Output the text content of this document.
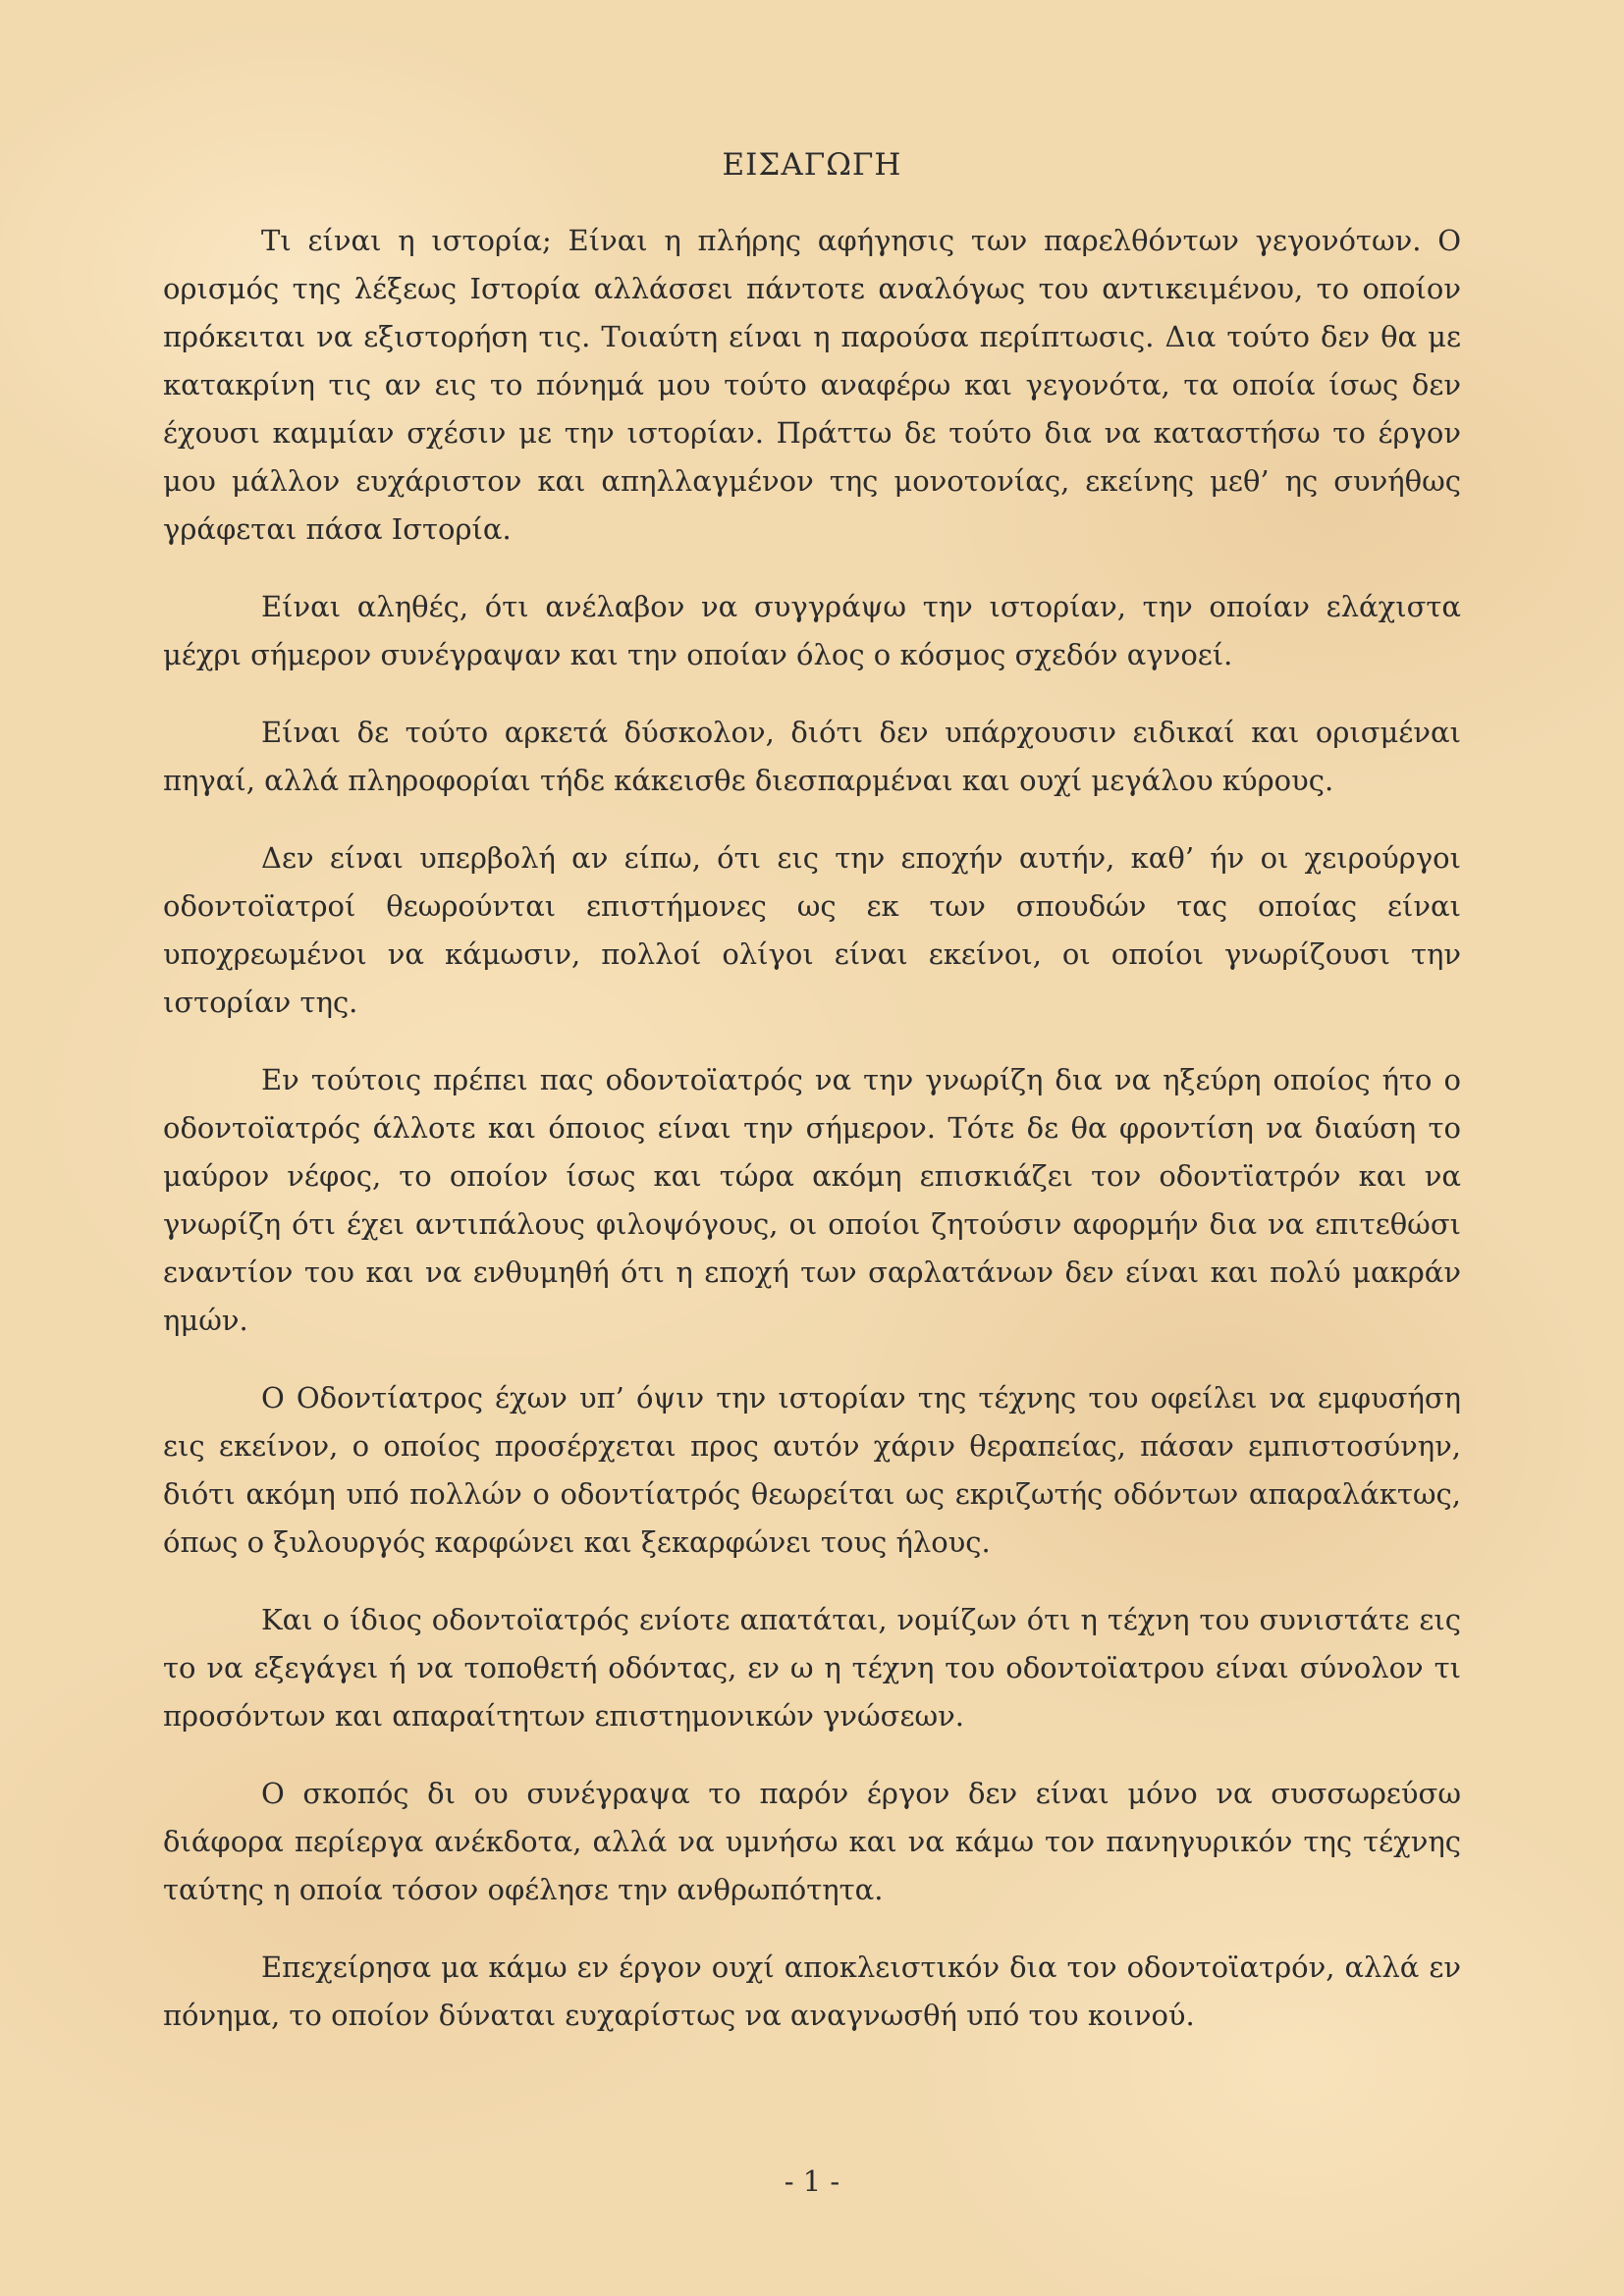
ΕΙΣΑΓΩΓΗ

Τι είναι η ιστορία; Είναι η πλήρης αφήγησις των παρελθόντων γεγονότων. Ο ορισμός της λέξεως Ιστορία αλλάσσει πάντοτε αναλόγως του αντικειμένου, το οποίον πρόκειται να εξιστορήση τις. Τοιαύτη είναι η παρούσα περίπτωσις. Δια τούτο δεν θα με κατακρίνη τις αν εις το πόνημά μου τούτο αναφέρω και γεγονότα, τα οποία ίσως δεν έχουσι καμμίαν σχέσιν με την ιστορίαν. Πράττω δε τούτο δια να καταστήσω το έργον μου μάλλον ευχάριστον και απηλλαγμένον της μονοτονίας, εκείνης μεθ’ ης συνήθως γράφεται πάσα Ιστορία.

Είναι αληθές, ότι ανέλαβον να συγγράψω την ιστορίαν, την οποίαν ελάχιστα μέχρι σήμερον συνέγραψαν και την οποίαν όλος ο κόσμος σχεδόν αγνοεί.

Είναι δε τούτο αρκετά δύσκολον, διότι δεν υπάρχουσιν ειδικαί και ορισμέναι πηγαί, αλλά πληροφορίαι τήδε κάκεισθε διεσπαρμέναι και ουχί μεγάλου κύρους.

Δεν είναι υπερβολή αν είπω, ότι εις την εποχήν αυτήν, καθ’ ήν οι χειρούργοι οδοντοϊατροί θεωρούνται επιστήμονες ως εκ των σπουδών τας οποίας είναι υποχρεωμένοι να κάμωσιν, πολλοί ολίγοι είναι εκείνοι, οι οποίοι γνωρίζουσι την ιστορίαν της.

Εν τούτοις πρέπει πας οδοντοϊατρός να την γνωρίζη δια να ηξεύρη οποίος ήτο ο οδοντοϊατρός άλλοτε και όποιος είναι την σήμερον. Τότε δε θα φροντίση να διαύση το μαύρον νέφος, το οποίον ίσως και τώρα ακόμη επισκιάζει τον οδοντϊατρόν και να γνωρίζη ότι έχει αντιπάλους φιλοψόγους, οι οποίοι ζητούσιν αφορμήν δια να επιτεθώσι εναντίον του και να ενθυμηθή ότι η εποχή των σαρλατάνων δεν είναι και πολύ μακράν ημών.

Ο Οδοντίατρος έχων υπ’ όψιν την ιστορίαν της τέχνης του οφείλει να εμφυσήση εις εκείνον, ο οποίος προσέρχεται προς αυτόν χάριν θεραπείας, πάσαν εμπιστοσύνην, διότι ακόμη υπό πολλών ο οδοντίατρός θεωρείται ως εκριζωτής οδόντων απαραλάκτως, όπως ο ξυλουργός καρφώνει και ξεκαρφώνει τους ήλους.

Και ο ίδιος οδοντοϊατρός ενίοτε απατάται, νομίζων ότι η τέχνη του συνιστάτε εις το να εξεγάγει ή να τοποθετή οδόντας, εν ω η τέχνη του οδοντοϊατρου είναι σύνολον τι προσόντων και απαραίτητων επιστημονικών γνώσεων.

Ο σκοπός δι ου συνέγραψα το παρόν έργον δεν είναι μόνο να συσσωρεύσω διάφορα περίεργα ανέκδοτα, αλλά να υμνήσω και να κάμω τον πανηγυρικόν της τέχνης ταύτης η οποία τόσον οφέλησε την ανθρωπότητα.

Επεχείρησα μα κάμω εν έργον ουχί αποκλειστικόν δια τον οδοντοϊατρόν, αλλά εν πόνημα, το οποίον δύναται ευχαρίστως να αναγνωσθή υπό του κοινού.

- 1 -
